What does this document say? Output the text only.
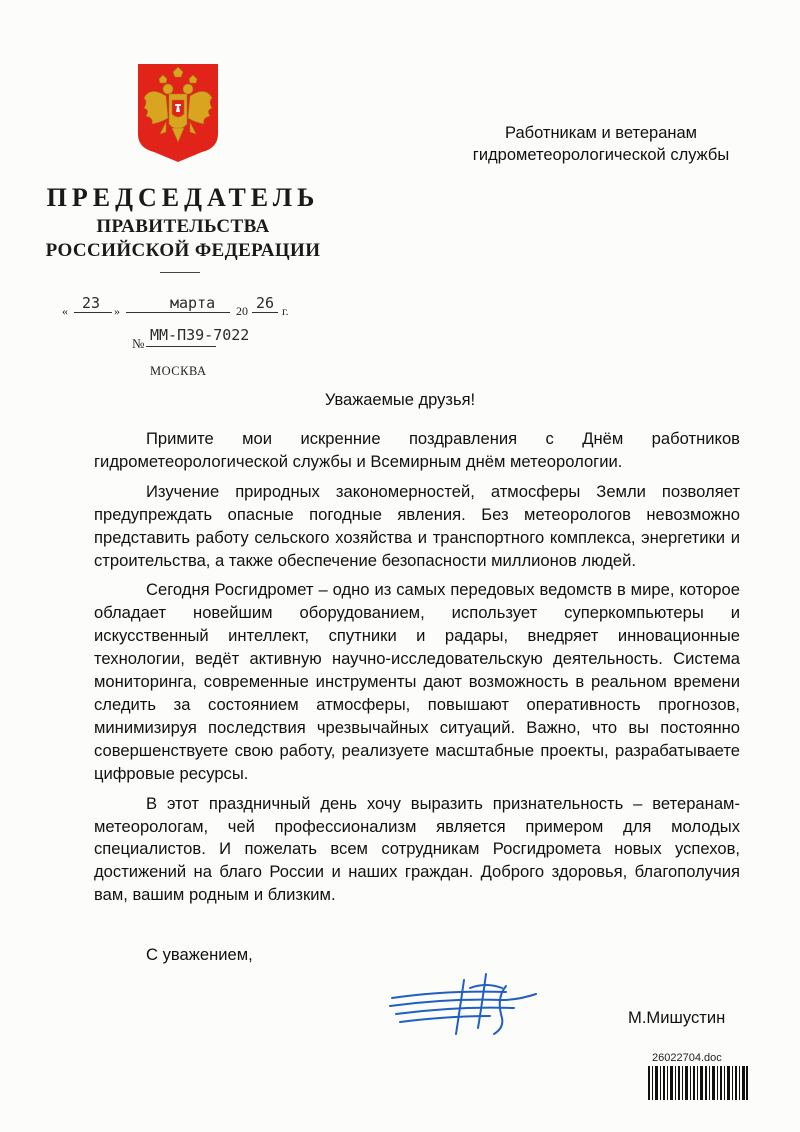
ПРЕДСЕДАТЕЛЬ
ПРАВИТЕЛЬСТВА
РОССИЙСКОЙ ФЕДЕРАЦИИ
« 23 »	марта 20 26 г.
№ ММ-П39-7022
МОСКВА
Работникам и ветеранам
гидрометеорологической службы
Уважаемые друзья!

Примите мои искренние поздравления с Днём работников гидрометеорологической службы и Всемирным днём метеорологии.

Изучение природных закономерностей, атмосферы Земли позволяет предупреждать опасные погодные явления. Без метеорологов невозможно представить работу сельского хозяйства и транспортного комплекса, энергетики и строительства, а также обеспечение безопасности миллионов людей.

Сегодня Росгидромет – одно из самых передовых ведомств в мире, которое обладает новейшим оборудованием, использует суперкомпьютеры и искусственный интеллект, спутники и радары, внедряет инновационные технологии, ведёт активную научно-исследовательскую деятельность. Система мониторинга, современные инструменты дают возможность в реальном времени следить за состоянием атмосферы, повышают оперативность прогнозов, минимизируя последствия чрезвычайных ситуаций. Важно, что вы постоянно совершенствуете свою работу, реализуете масштабные проекты, разрабатываете цифровые ресурсы.

В этот праздничный день хочу выразить признательность – ветеранам-метеорологам, чей профессионализм является примером для молодых специалистов. И пожелать всем сотрудникам Росгидромета новых успехов, достижений на благо России и наших граждан. Доброго здоровья, благополучия вам, вашим родным и близким.

С уважением,
М.Мишустин
26022704.doc
